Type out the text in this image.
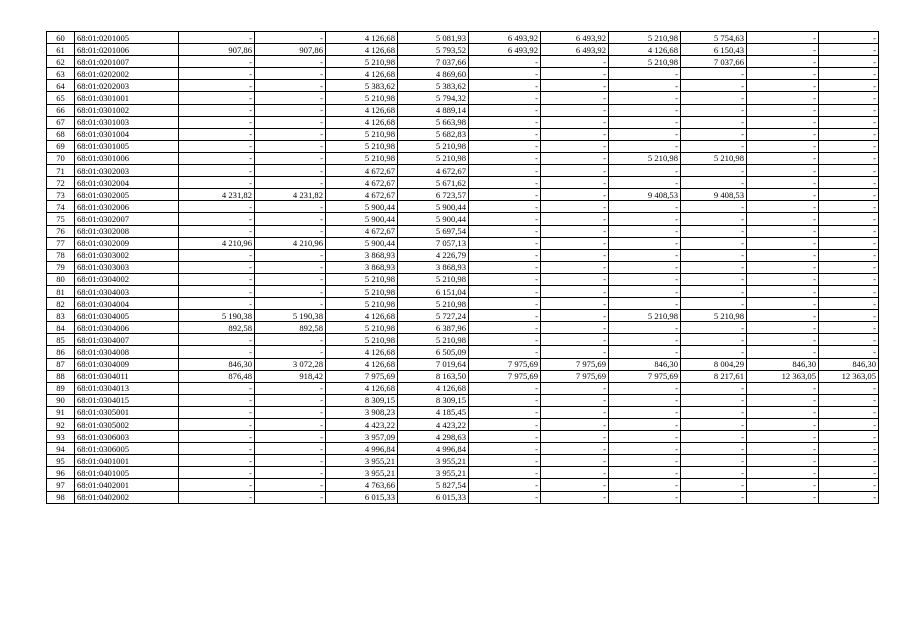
60	68:01:0201005	-	-	4 126,68	5 081,93	6 493,92	6 493,92	5 210,98	5 754,63	-	-
61	68:01:0201006	907,86	907,86	4 126,68	5 793,52	6 493,92	6 493,92	4 126,68	6 150,43	-	-
62	68:01:0201007	-	-	5 210,98	7 037,66	-	-	5 210,98	7 037,66	-	-
63	68:01:0202002	-	-	4 126,68	4 869,60	-	-	-	-	-	-
64	68:01:0202003	-	-	5 383,62	5 383,62	-	-	-	-	-	-
65	68:01:0301001	-	-	5 210,98	5 794,32	-	-	-	-	-	-
66	68:01:0301002	-	-	4 126,68	4 889,14	-	-	-	-	-	-
67	68:01:0301003	-	-	4 126,68	5 663,98	-	-	-	-	-	-
68	68:01:0301004	-	-	5 210,98	5 682,83	-	-	-	-	-	-
69	68:01:0301005	-	-	5 210,98	5 210,98	-	-	-	-	-	-
70	68:01:0301006	-	-	5 210,98	5 210,98	-	-	5 210,98	5 210,98	-	-
71	68:01:0302003	-	-	4 672,67	4 672,67	-	-	-	-	-	-
72	68:01:0302004	-	-	4 672,67	5 671,62	-	-	-	-	-	-
73	68:01:0302005	4 231,82	4 231,82	4 672,67	6 723,57	-	-	9 408,53	9 408,53	-	-
74	68:01:0302006	-	-	5 900,44	5 900,44	-	-	-	-	-	-
75	68:01:0302007	-	-	5 900,44	5 900,44	-	-	-	-	-	-
76	68:01:0302008	-	-	4 672,67	5 697,54	-	-	-	-	-	-
77	68:01:0302009	4 210,96	4 210,96	5 900,44	7 057,13	-	-	-	-	-	-
78	68:01:0303002	-	-	3 868,93	4 226,79	-	-	-	-	-	-
79	68:01:0303003	-	-	3 868,93	3 868,93	-	-	-	-	-	-
80	68:01:0304002	-	-	5 210,98	5 210,98	-	-	-	-	-	-
81	68:01:0304003	-	-	5 210,98	6 151,04	-	-	-	-	-	-
82	68:01:0304004	-	-	5 210,98	5 210,98	-	-	-	-	-	-
83	68:01:0304005	5 190,38	5 190,38	4 126,68	5 727,24	-	-	5 210,98	5 210,98	-	-
84	68:01:0304006	892,58	892,58	5 210,98	6 387,96	-	-	-	-	-	-
85	68:01:0304007	-	-	5 210,98	5 210,98	-	-	-	-	-	-
86	68:01:0304008	-	-	4 126,68	6 505,09	-	-	-	-	-	-
87	68:01:0304009	846,30	3 072,28	4 126,68	7 019,64	7 975,69	7 975,69	846,30	8 004,29	846,30	846,30
88	68:01:0304011	876,48	918,42	7 975,69	8 163,50	7 975,69	7 975,69	7 975,69	8 217,61	12 363,05	12 363,05
89	68:01:0304013	-	-	4 126,68	4 126,68	-	-	-	-	-	-
90	68:01:0304015	-	-	8 309,15	8 309,15	-	-	-	-	-	-
91	68:01:0305001	-	-	3 908,23	4 185,45	-	-	-	-	-	-
92	68:01:0305002	-	-	4 423,22	4 423,22	-	-	-	-	-	-
93	68:01:0306003	-	-	3 957,09	4 298,63	-	-	-	-	-	-
94	68:01:0306005	-	-	4 996,84	4 996,84	-	-	-	-	-	-
95	68:01:0401001	-	-	3 955,21	3 955,21	-	-	-	-	-	-
96	68:01:0401005	-	-	3 955,21	3 955,21	-	-	-	-	-	-
97	68:01:0402001	-	-	4 763,66	5 827,54	-	-	-	-	-	-
98	68:01:0402002	-	-	6 015,33	6 015,33	-	-	-	-	-	-
